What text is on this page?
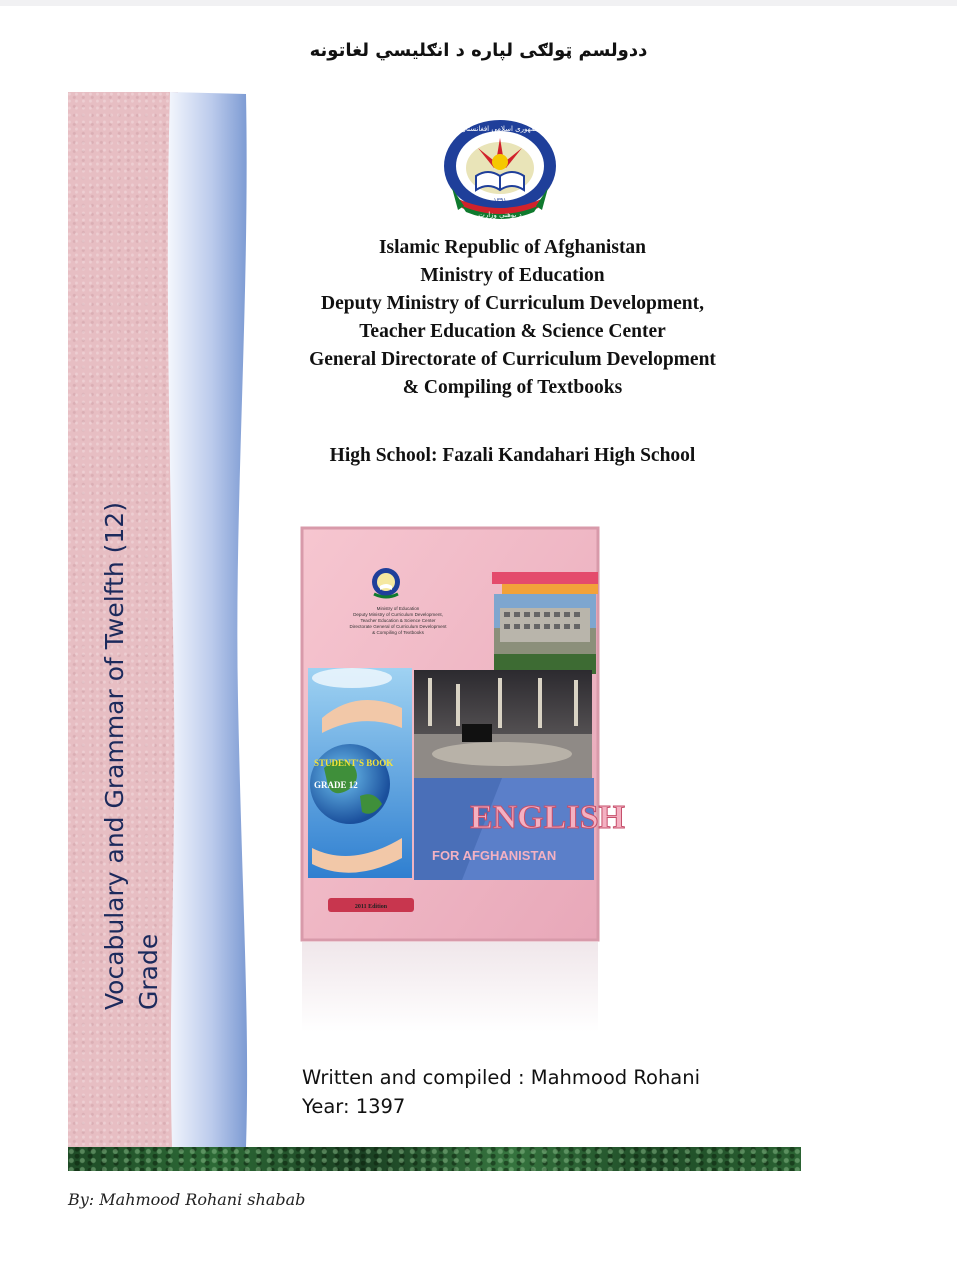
ددولسم ټولګی لپاره د انګلیسي لغاتونه
Vocabulary and Grammar of Twelfth (12) Grade
جمهوری اسلامی افغانستان
د پوهنې وزارت
۱۳۹۱
Islamic Republic of Afghanistan
Ministry of Education
Deputy Ministry of Curriculum Development,
Teacher Education & Science Center
General Directorate of Curriculum Development
& Compiling of Textbooks
High School: Fazali Kandahari High School
Ministry of Education
Deputy Ministry of Curriculum Development,
Teacher Education & Science Center
Directorate General of Curriculum Development
& Compiling of Textbooks
STUDENT'S BOOK
GRADE 12
ENGLISH
FOR AFGHANISTAN
2011 Edition
Written and compiled : Mahmood Rohani
Year: 1397
By: Mahmood Rohani shabab
